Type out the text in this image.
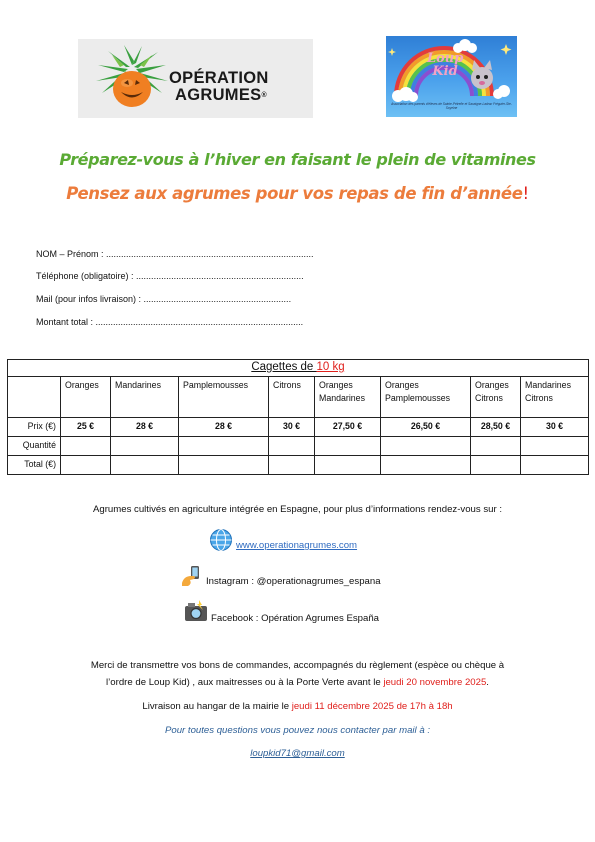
OPÉRATION
AGRUMES®
Loup
Kid
Association des parents d'élèves de Sainte-Pétrelle et Saxaigne-Ladrac Fréguier-Ste-Soyelne
Préparez-vous à l’hiver en faisant le plein de vitamines
Pensez aux agrumes pour vos repas de fin d’année!
NOM – Prénom : ...................................................................................
Téléphone (obligatoire) : ...................................................................
Mail (pour infos livraison) : ...........................................................
Montant total : ...................................................................................
Cagettes de 10 kg								
	Oranges	Mandarines	Pamplemousses	Citrons	Oranges Mandarines	Oranges Pamplemousses	Oranges Citrons	Mandarines Citrons
Prix (€)	25 €	28 €	28 €	30 €	27,50 €	26,50 €	28,50 €	30 €
Quantité								
Total (€)								
Agrumes cultivés en agriculture intégrée en Espagne, pour plus d’informations rendez-vous sur :
www.operationagrumes.com
Instagram : @operationagrumes_espana
Facebook : Opération Agrumes España
Merci de transmettre vos bons de commandes, accompagnés du règlement (espèce ou chèque à
l’ordre de Loup Kid) , aux maitresses ou à la Porte Verte avant le jeudi 20 novembre 2025.
Livraison au hangar de la mairie le jeudi 11 décembre 2025 de 17h à 18h
Pour toutes questions vous pouvez nous contacter par mail à :
loupkid71@gmail.com
